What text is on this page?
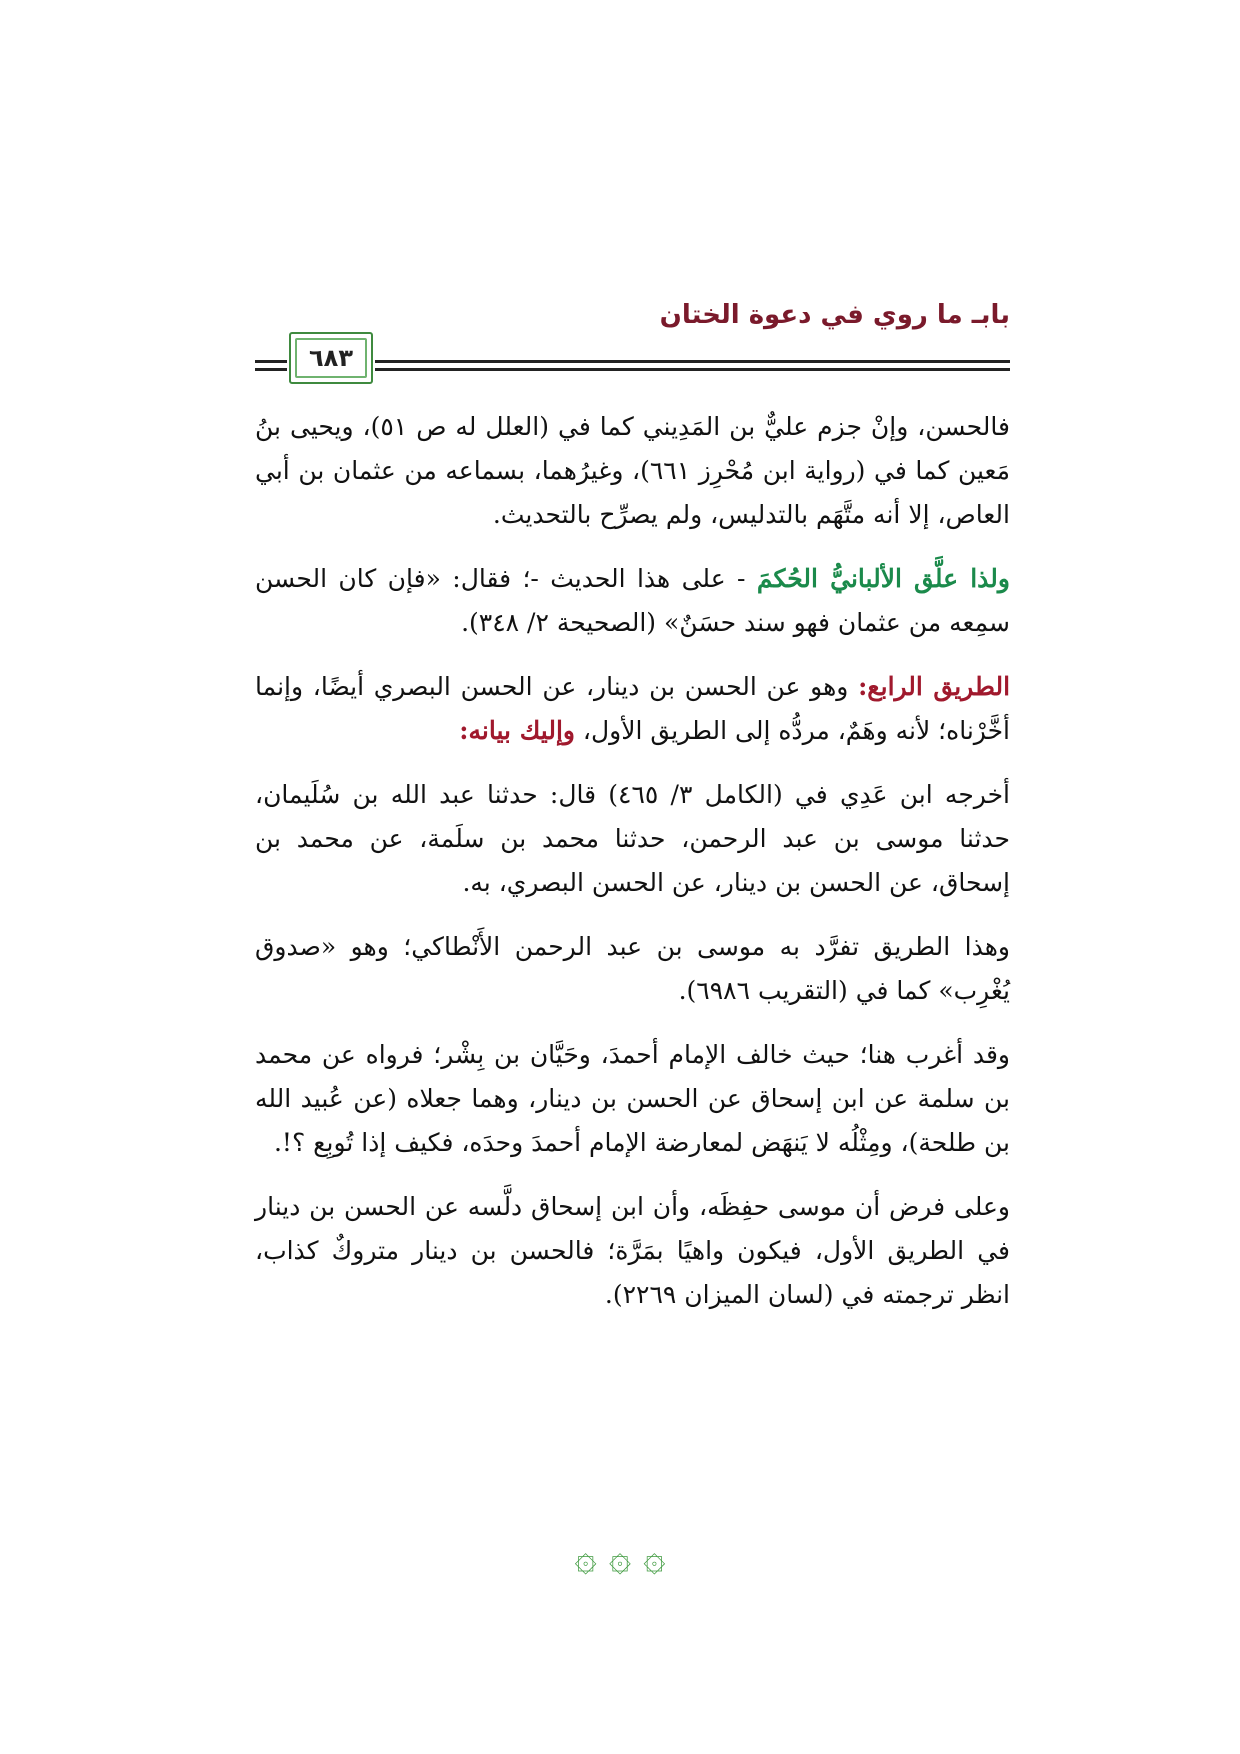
بابـ ما روي في دعوة الختان
٦٨٣

فالحسن، وإنْ جزم عليٌّ بن المَدِيني كما في (العلل له ص ٥١)، ويحيى بنُ مَعين كما في (رواية ابن مُحْرِز ٦٦١)، وغيرُهما، بسماعه من عثمان بن أبي العاص، إلا أنه متَّهَم بالتدليس، ولم يصرِّح بالتحديث.

ولذا علَّق الألبانيُّ الحُكمَ - على هذا الحديث -؛ فقال: «فإن كان الحسن سمِعه من عثمان فهو سند حسَنٌ» (الصحيحة ٢/ ٣٤٨).

الطريق الرابع: وهو عن الحسن بن دينار، عن الحسن البصري أيضًا، وإنما أخَّرْناه؛ لأنه وهَمٌ، مردُّه إلى الطريق الأول، وإليك بيانه:

أخرجه ابن عَدِي في (الكامل ٣/ ٤٦٥) قال: حدثنا عبد الله بن سُلَيمان، حدثنا موسى بن عبد الرحمن، حدثنا محمد بن سلَمة، عن محمد بن إسحاق، عن الحسن بن دينار، عن الحسن البصري، به.

وهذا الطريق تفرَّد به موسى بن عبد الرحمن الأَنْطاكي؛ وهو «صدوق يُغْرِب» كما في (التقريب ٦٩٨٦).

وقد أغرب هنا؛ حيث خالف الإمام أحمدَ، وحَيَّان بن بِشْر؛ فرواه عن محمد بن سلمة عن ابن إسحاق عن الحسن بن دينار، وهما جعلاه (عن عُبيد الله بن طلحة)، ومِثْلُه لا يَنهَض لمعارضة الإمام أحمدَ وحدَه، فكيف إذا تُوبِع ؟!.

وعلى فرض أن موسى حفِظَه، وأن ابن إسحاق دلَّسه عن الحسن بن دينار في الطريق الأول، فيكون واهيًا بمَرَّة؛ فالحسن بن دينار متروكٌ كذاب، انظر ترجمته في (لسان الميزان ٢٢٦٩).

۞ ۞ ۞
